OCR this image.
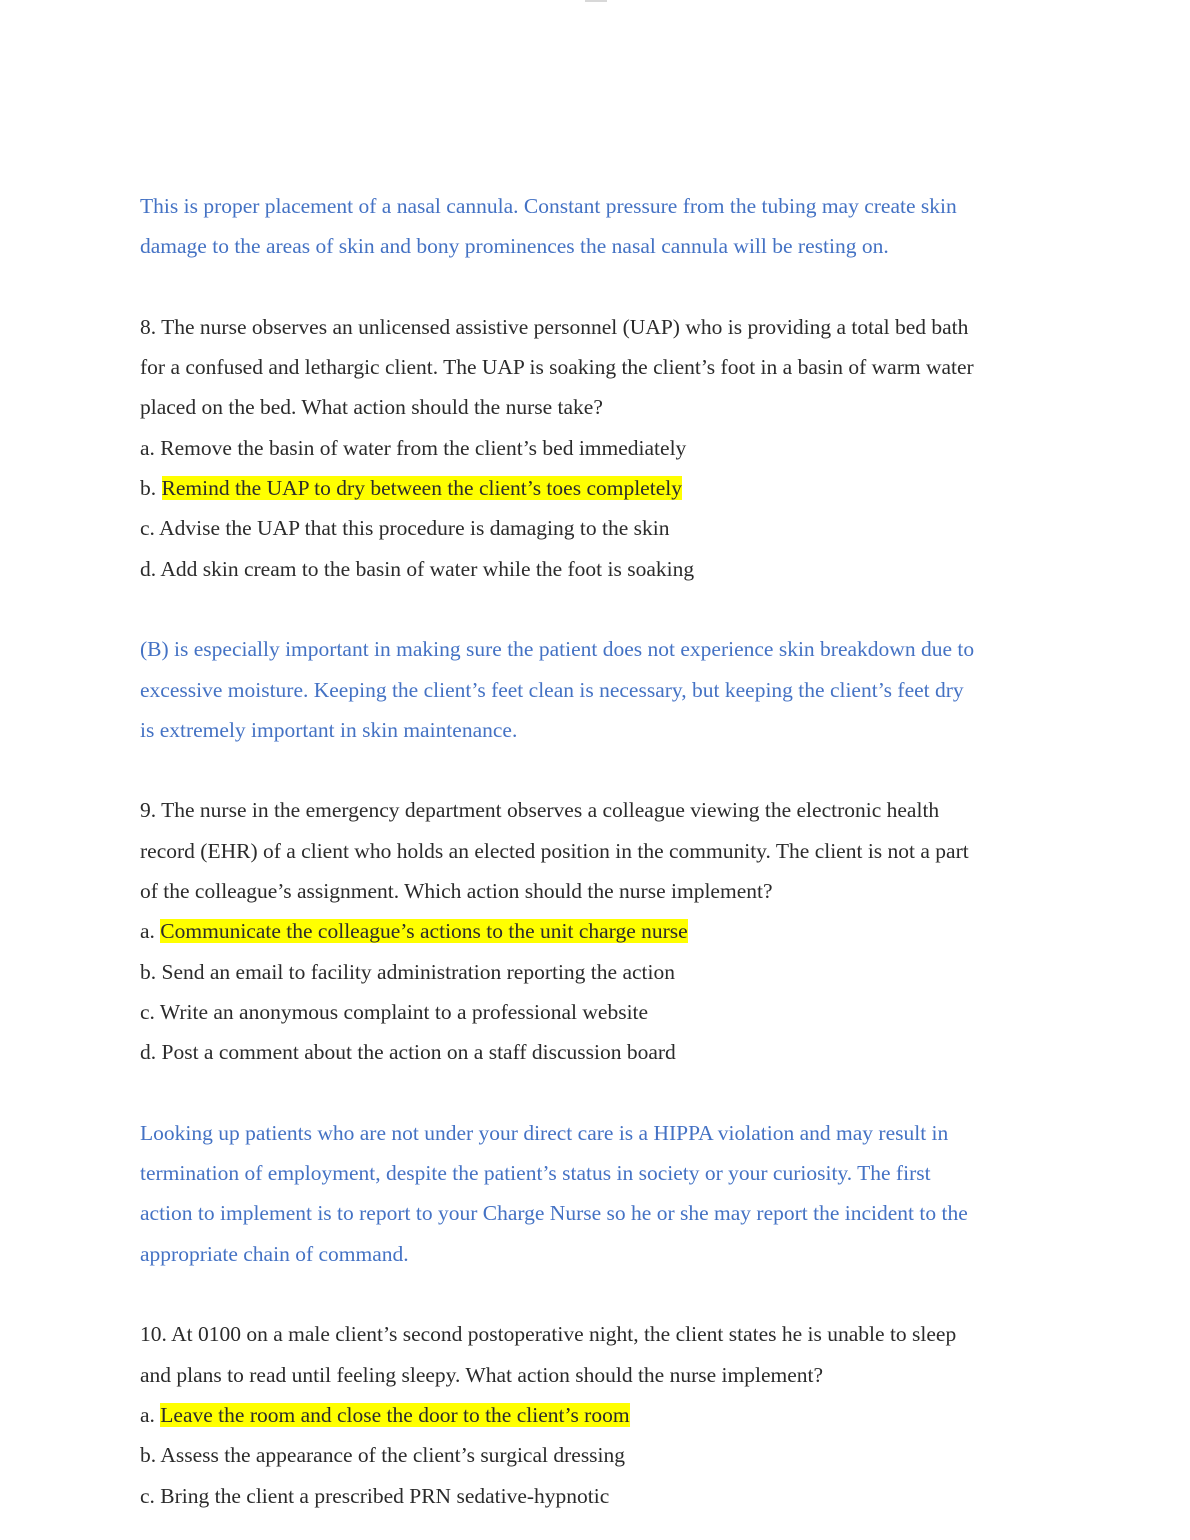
This is proper placement of a nasal cannula. Constant pressure from the tubing may create skin
damage to the areas of skin and bony prominences the nasal cannula will be resting on.
8. The nurse observes an unlicensed assistive personnel (UAP) who is providing a total bed bath
for a confused and lethargic client. The UAP is soaking the client’s foot in a basin of warm water
placed on the bed. What action should the nurse take?
a. Remove the basin of water from the client’s bed immediately
b. Remind the UAP to dry between the client’s toes completely
c. Advise the UAP that this procedure is damaging to the skin
d. Add skin cream to the basin of water while the foot is soaking
(B) is especially important in making sure the patient does not experience skin breakdown due to
excessive moisture. Keeping the client’s feet clean is necessary, but keeping the client’s feet dry
is extremely important in skin maintenance.
9. The nurse in the emergency department observes a colleague viewing the electronic health
record (EHR) of a client who holds an elected position in the community. The client is not a part
of the colleague’s assignment. Which action should the nurse implement?
a. Communicate the colleague’s actions to the unit charge nurse
b. Send an email to facility administration reporting the action
c. Write an anonymous complaint to a professional website
d. Post a comment about the action on a staff discussion board
Looking up patients who are not under your direct care is a HIPPA violation and may result in
termination of employment, despite the patient’s status in society or your curiosity. The first
action to implement is to report to your Charge Nurse so he or she may report the incident to the
appropriate chain of command.
10. At 0100 on a male client’s second postoperative night, the client states he is unable to sleep
and plans to read until feeling sleepy. What action should the nurse implement?
a. Leave the room and close the door to the client’s room
b. Assess the appearance of the client’s surgical dressing
c. Bring the client a prescribed PRN sedative-hypnotic
